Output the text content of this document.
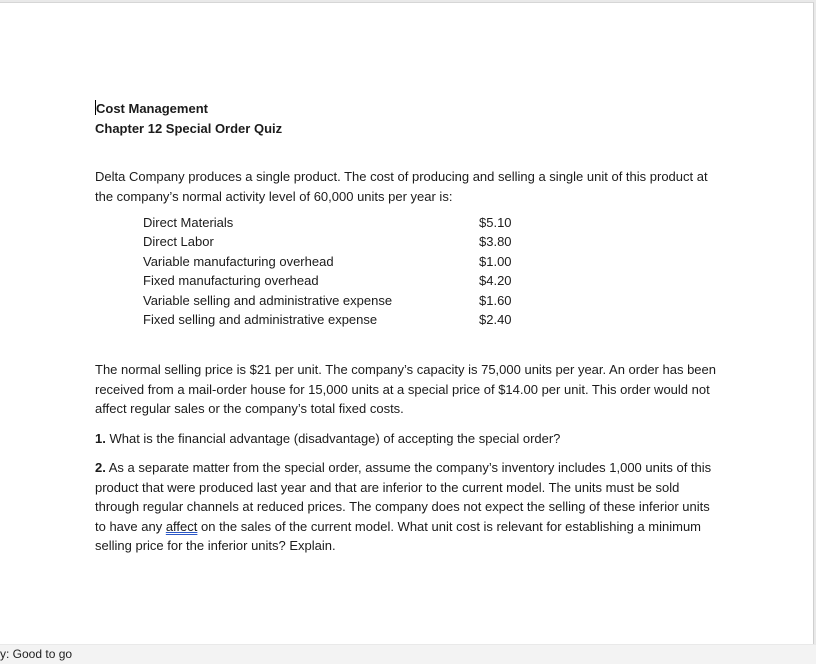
Cost Management
Chapter 12 Special Order Quiz

Delta Company produces a single product. The cost of producing and selling a single unit of this product at the company’s normal activity level of 60,000 units per year is:

Direct Materials	$5.10
Direct Labor	$3.80
Variable manufacturing overhead	$1.00
Fixed manufacturing overhead	$4.20
Variable selling and administrative expense	$1.60
Fixed selling and administrative expense	$2.40

The normal selling price is $21 per unit. The company’s capacity is 75,000 units per year. An order has been received from a mail-order house for 15,000 units at a special price of $14.00 per unit. This order would not affect regular sales or the company’s total fixed costs.

1. What is the financial advantage (disadvantage) of accepting the special order?

2. As a separate matter from the special order, assume the company’s inventory includes 1,000 units of this product that were produced last year and that are inferior to the current model. The units must be sold through regular channels at reduced prices. The company does not expect the selling of these inferior units to have any affect on the sales of the current model. What unit cost is relevant for establishing a minimum selling price for the inferior units? Explain.

y: Good to go
